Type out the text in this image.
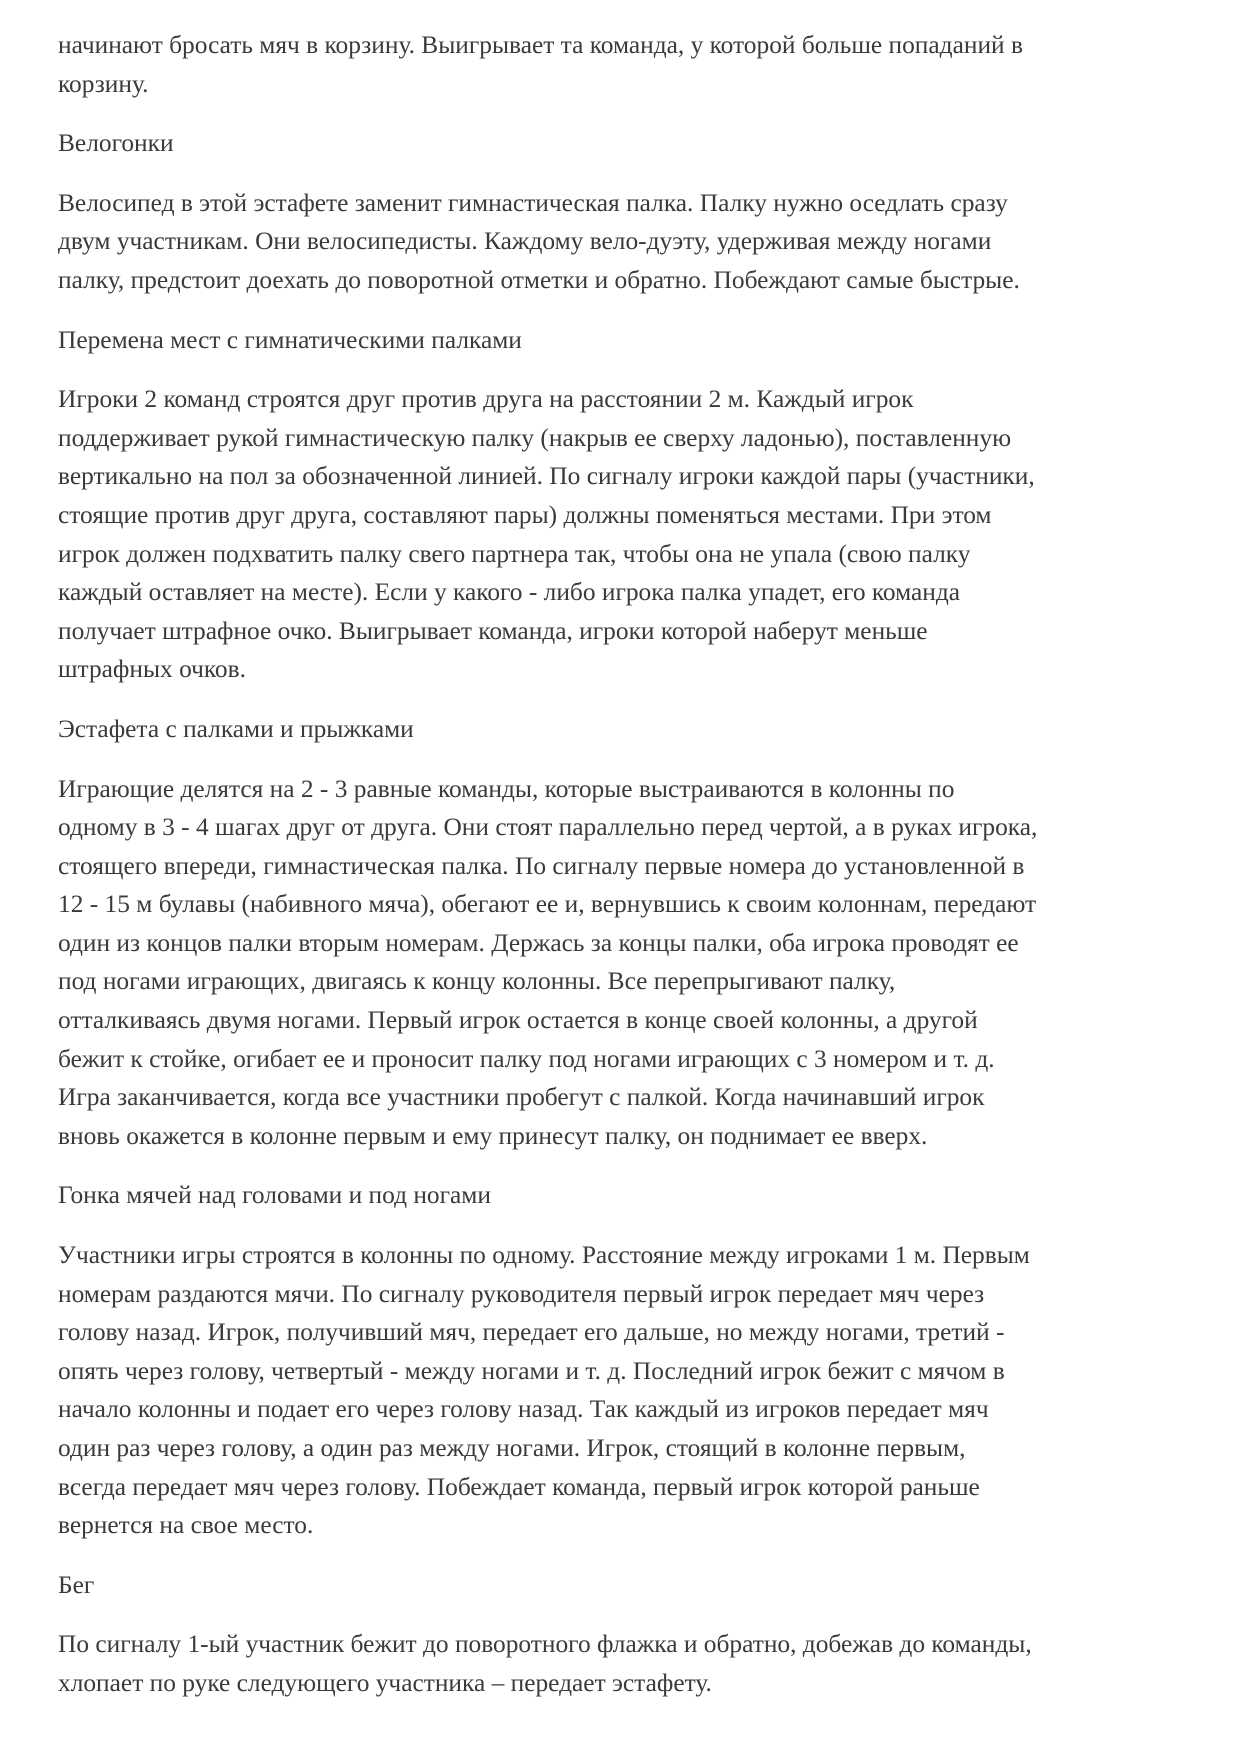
начинают бросать мяч в корзину. Выигрывает та команда, у которой больше попаданий в
корзину.

Велогонки

Велосипед в этой эстафете заменит гимнастическая палка. Палку нужно оседлать сразу
двум участникам. Они велосипедисты. Каждому вело-дуэту, удерживая между ногами
палку, предстоит доехать до поворотной отметки и обратно. Побеждают самые быстрые.

Перемена мест с гимнатическими палками

Игроки 2 команд строятся друг против друга на расстоянии 2 м. Каждый игрок
поддерживает рукой гимнастическую палку (накрыв ее сверху ладонью), поставленную
вертикально на пол за обозначенной линией. По сигналу игроки каждой пары (участники,
стоящие против друг друга, составляют пары) должны поменяться местами. При этом
игрок должен подхватить палку свего партнера так, чтобы она не упала (свою палку
каждый оставляет на месте). Если у какого - либо игрока палка упадет, его команда
получает штрафное очко. Выигрывает команда, игроки которой наберут меньше
штрафных очков.

Эстафета с палками и прыжками

Играющие делятся на 2 - 3 равные команды, которые выстраиваются в колонны по
одному в 3 - 4 шагах друг от друга. Они стоят параллельно перед чертой, а в руках игрока,
стоящего впереди, гимнастическая палка. По сигналу первые номера до установленной в
12 - 15 м булавы (набивного мяча), обегают ее и, вернувшись к своим колоннам, передают
один из концов палки вторым номерам. Держась за концы палки, оба игрока проводят ее
под ногами играющих, двигаясь к концу колонны. Все перепрыгивают палку,
отталкиваясь двумя ногами. Первый игрок остается в конце своей колонны, а другой
бежит к стойке, огибает ее и проносит палку под ногами играющих с 3 номером и т. д.
Игра заканчивается, когда все участники пробегут с палкой. Когда начинавший игрок
вновь окажется в колонне первым и ему принесут палку, он поднимает ее вверх.

Гонка мячей над головами и под ногами

Участники игры строятся в колонны по одному. Расстояние между игроками 1 м. Первым
номерам раздаются мячи. По сигналу руководителя первый игрок передает мяч через
голову назад. Игрок, получивший мяч, передает его дальше, но между ногами, третий -
опять через голову, четвертый - между ногами и т. д. Последний игрок бежит с мячом в
начало колонны и подает его через голову назад. Так каждый из игроков передает мяч
один раз через голову, а один раз между ногами. Игрок, стоящий в колонне первым,
всегда передает мяч через голову. Побеждает команда, первый игрок которой раньше
вернется на свое место.

Бег

По сигналу 1-ый участник бежит до поворотного флажка и обратно, добежав до команды,
хлопает по руке следующего участника – передает эстафету.
